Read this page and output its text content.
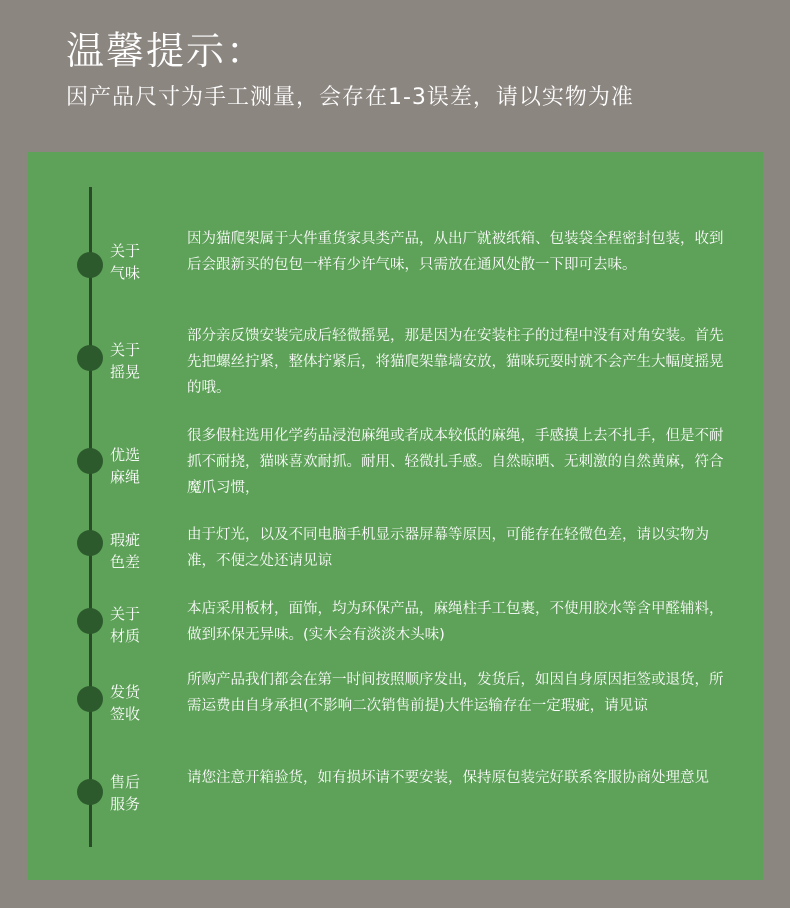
温馨提示：
因产品尺寸为手工测量，会存在1-3误差，请以实物为准
关于
气味
因为猫爬架属于大件重货家具类产品，从出厂就被纸箱、包装袋全程密封包装，收到后会跟新买的包包一样有少许气味，只需放在通风处散一下即可去味。
关于
摇晃
部分亲反馈安装完成后轻微摇晃，那是因为在安装柱子的过程中没有对角安装。首先先把螺丝拧紧，整体拧紧后，将猫爬架靠墙安放，猫咪玩耍时就不会产生大幅度摇晃的哦。
优选
麻绳
很多假柱选用化学药品浸泡麻绳或者成本较低的麻绳，手感摸上去不扎手，但是不耐抓不耐挠，猫咪喜欢耐抓。耐用、轻微扎手感。自然晾晒、无刺激的自然黄麻，符合魔爪习惯，
瑕疵
色差
由于灯光，以及不同电脑手机显示器屏幕等原因，可能存在轻微色差，请以实物为准，不便之处还请见谅
关于
材质
本店采用板材，面饰，均为环保产品，麻绳柱手工包裹，不使用胶水等含甲醛辅料，做到环保无异味。(实木会有淡淡木头味)
发货
签收
所购产品我们都会在第一时间按照顺序发出，发货后，如因自身原因拒签或退货，所需运费由自身承担(不影响二次销售前提)大件运输存在一定瑕疵，请见谅
售后
服务
请您注意开箱验货，如有损坏请不要安装，保持原包装完好联系客服协商处理意见
